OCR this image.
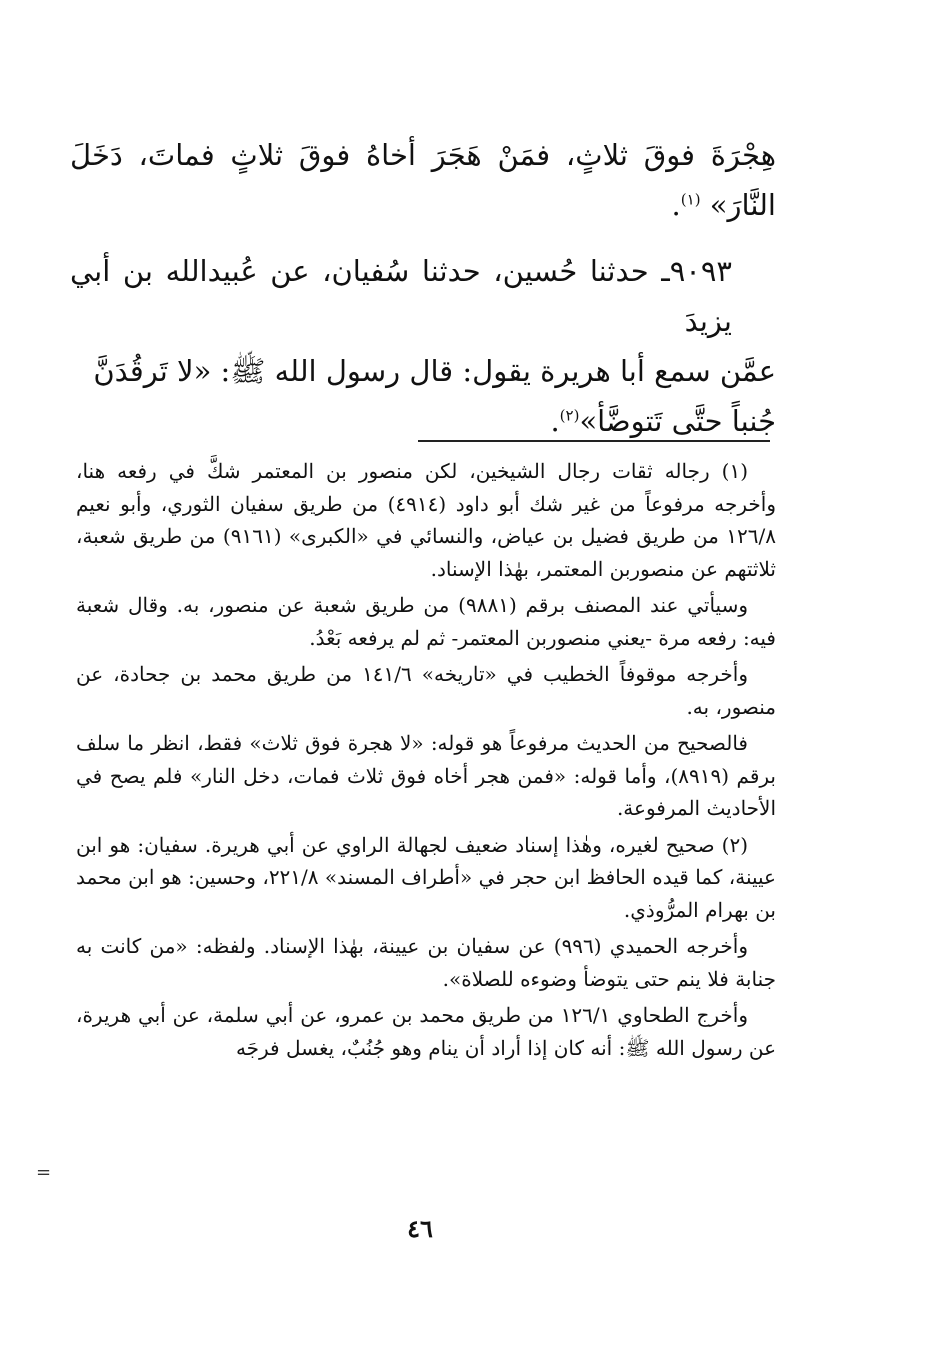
هِجْرَةَ فوقَ ثلاثٍ، فمَنْ هَجَرَ أخاهُ فوقَ ثلاثٍ فماتَ، دَخَلَ النَّارَ» $^{(١)}$.

٩٠٩٣ـ حدثنا حُسين، حدثنا سُفيان، عن عُبيدالله بن أبي يزيدَ
عمَّن سمع أبا هريرة يقول: قال رسول الله ﷺ: «لا تَرقُدَنَّ
جُنباً حتَّى تَتوضَّأ»$^{(٢)}$.

(١) رجاله ثقات رجال الشيخين، لكن منصور بن المعتمر شكَّ في رفعه هنا، وأخرجه مرفوعاً من غير شك أبو داود (٤٩١٤) من طريق سفيان الثوري، وأبو نعيم ١٢٦/٨ من طريق فضيل بن عياض، والنسائي في «الكبرى» (٩١٦١) من طريق شعبة، ثلاثتهم عن منصوربن المعتمر، بهٰذا الإسناد.

وسيأتي عند المصنف برقم (٩٨٨١) من طريق شعبة عن منصور، به. وقال شعبة فيه: رفعه مرة -يعني منصوربن المعتمر- ثم لم يرفعه بَعْدُ.

وأخرجه موقوفاً الخطيب في «تاريخه» ١٤١/٦ من طريق محمد بن جحادة، عن منصور، به.

فالصحيح من الحديث مرفوعاً هو قوله: «لا هجرة فوق ثلاث» فقط، انظر ما سلف برقم (٨٩١٩)، وأما قوله: «فمن هجر أخاه فوق ثلاث فمات، دخل النار» فلم يصح في الأحاديث المرفوعة.

(٢) صحيح لغيره، وهٰذا إسناد ضعيف لجهالة الراوي عن أبي هريرة. سفيان: هو ابن عيينة، كما قيده الحافظ ابن حجر في «أطراف المسند» ٢٢١/٨، وحسين: هو ابن محمد بن بهرام المرُّوذي.

وأخرجه الحميدي (٩٩٦) عن سفيان بن عيينة، بهٰذا الإسناد. ولفظه: «من كانت به جنابة فلا ينم حتى يتوضأ وضوءه للصلاة».

وأخرج الطحاوي ١٢٦/١ من طريق محمد بن عمرو، عن أبي سلمة، عن أبي هريرة، عن رسول الله ﷺ: أنه كان إذا أراد أن ينام وهو جُنُبٌ، يغسل فرجَه

=
٤٦
